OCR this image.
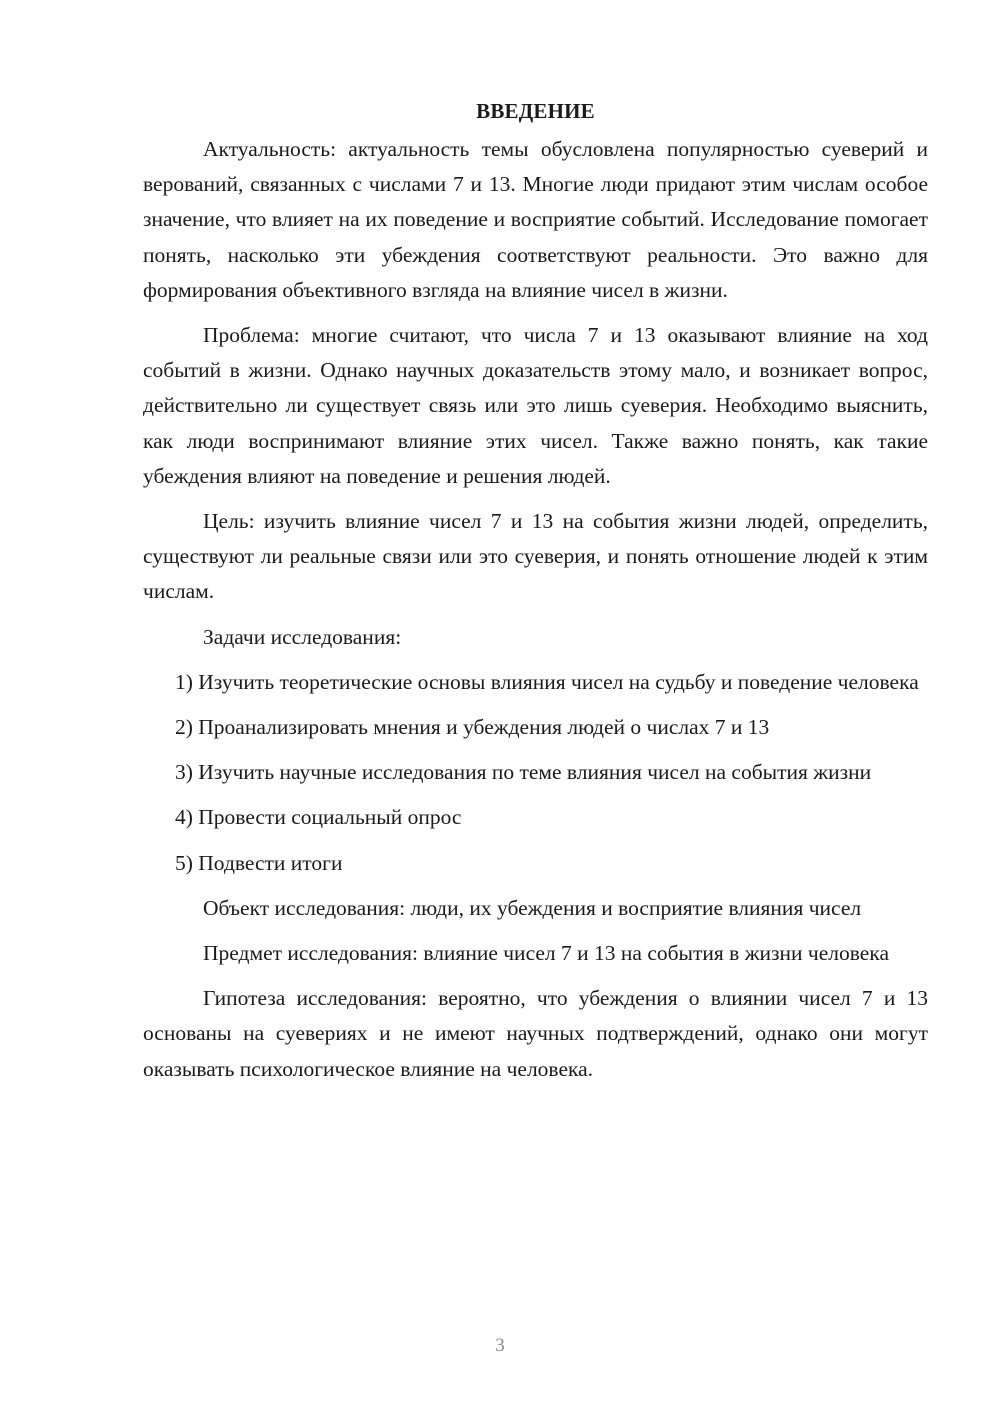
ВВЕДЕНИЕ

Актуальность: актуальность темы обусловлена популярностью суеверий и верований, связанных с числами 7 и 13. Многие люди придают этим числам особое значение, что влияет на их поведение и восприятие событий. Исследование помогает понять, насколько эти убеждения соответствуют реальности. Это важно для формирования объективного взгляда на влияние чисел в жизни.

Проблема: многие считают, что числа 7 и 13 оказывают влияние на ход событий в жизни. Однако научных доказательств этому мало, и возникает вопрос, действительно ли существует связь или это лишь суеверия. Необходимо выяснить, как люди воспринимают влияние этих чисел. Также важно понять, как такие убеждения влияют на поведение и решения людей.

Цель: изучить влияние чисел 7 и 13 на события жизни людей, определить, существуют ли реальные связи или это суеверия, и понять отношение людей к этим числам.

Задачи исследования:

1) Изучить теоретические основы влияния чисел на судьбу и поведение человека

2) Проанализировать мнения и убеждения людей о числах 7 и 13

3) Изучить научные исследования по теме влияния чисел на события жизни

4) Провести социальный опрос

5) Подвести итоги

Объект исследования: люди, их убеждения и восприятие влияния чисел

Предмет исследования: влияние чисел 7 и 13 на события в жизни человека

Гипотеза исследования: вероятно, что убеждения о влиянии чисел 7 и 13 основаны на суевериях и не имеют научных подтверждений, однако они могут оказывать психологическое влияние на человека.

3
